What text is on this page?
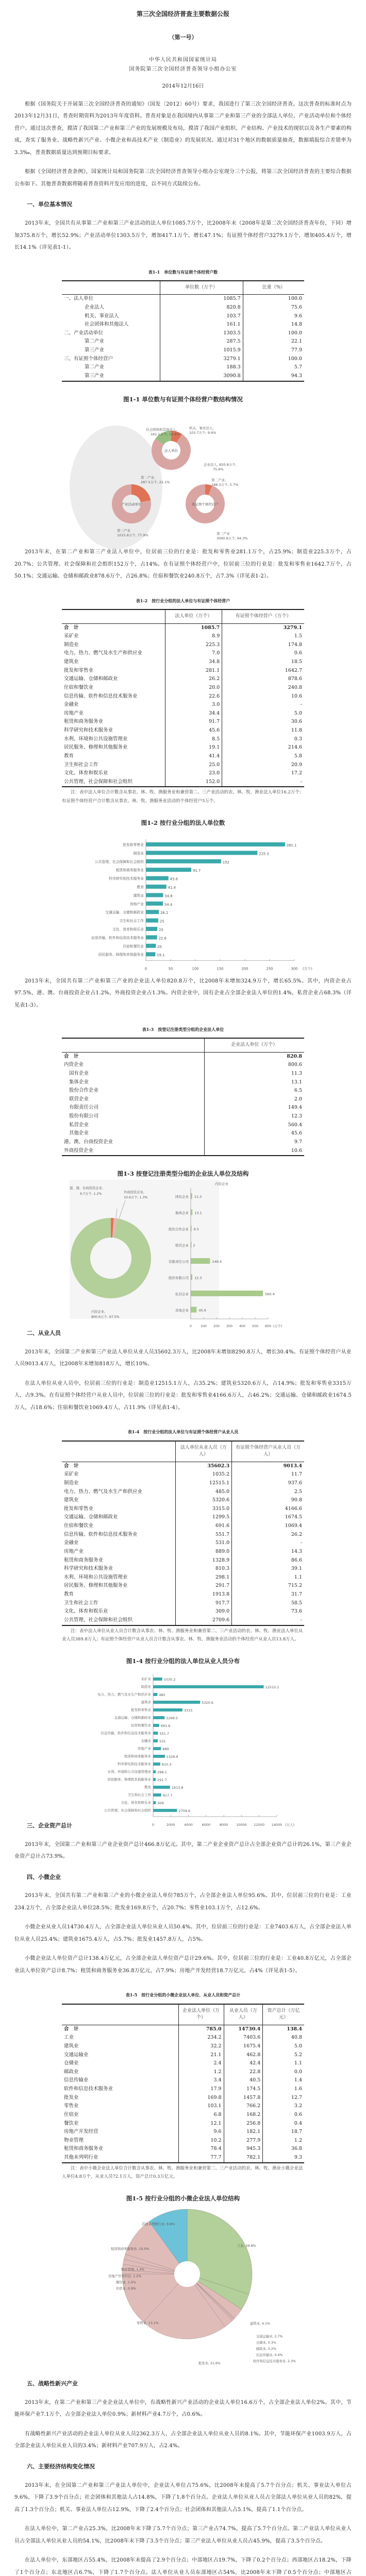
第三次全国经济普查主要数据公报
（第一号）
中华人民共和国国家统计局
国务院第三次全国经济普查领导小组办公室
2014年12月16日

根据《国务院关于开展第三次全国经济普查的通知》（国发〔2012〕60号）要求，我国进行了第三次全国经济普查。这次普查的标准时点为2013年12月31日，普查时期资料为2013年年度资料。普查对象是在我国境内从事第二产业和第三产业的全部法人单位、产业活动单位和个体经营户。通过这次普查，摸清了我国第二产业和第三产业的发展规模及布局，摸清了我国产业组织、产业结构、产业技术的现状以及各生产要素的构成，查实了服务业、战略性新兴产业、小微企业和高技术产业（制造业）的发展状况。通过对31个地区的数据质量抽查，数据填报综合差错率为3.3‰，普查数据质量达到预期目标要求。

根据《全国经济普查条例》，国家统计局和国务院第三次全国经济普查领导小组办公室现分三个公报，将第三次全国经济普查的主要综合数据公布如下。其他普查数据将随着普查资料开发应用的进度，以不同方式陆续公布。

一、单位基本情况

2013年末，全国共有从事第二产业和第三产业活动的法人单位1085.7万个，比2008年末（2008年是第二次全国经济普查年份，下同）增加375.8万个，增长52.9%；产业活动单位1303.5万个，增加417.1万个，增长47.1%；有证照个体经营户3279.1万个，增加405.4万个，增长14.1%（详见表1-1）。

表1-1　单位数与有证照个体经营户数
	单位数（万个）	比重（%）
一、法人单位	1085.7	100.0
企业法人	820.8	75.6
机关、事业法人	103.7	9.6
社会团体和其他法人	161.1	14.8
二、产业活动单位	1303.5	100.0
第二产业	287.5	22.1
第三产业	1015.9	77.9
三、有证照个体经营户	3279.1	100.0
第二产业	188.3	5.7
第三产业	3090.8	94.3
图1-1 单位数与有证照个体经营户数结构情况
法人单位
产业活动单位	有证照个体经营户
机关、事业法人,
103.7万个, 9.6%
企业法人, 820.8万个,
75.6%
社会团体和其他法人,
161.1万个, 14.8%
第二产业,
287.5万个, 22.1%
第三产业
1015.9万个, 77.9%
第二产业,
188.3万个, 5.7%
第三产业
3090.8万个, 94.3%

2013年末，在第二产业和第三产业法人单位中，位居前三位的行业是：批发和零售业281.1万个，占25.9%；制造业225.3万个，占20.7%；公共管理、社会保障和社会组织152万个，占14%。在有证照个体经营户中，位居前三位的行业是：批发和零售业1642.7万个，占50.1%；交通运输、仓储和邮政业878.6万个，占26.8%；住宿和餐饮业240.8万个，占7.3%（详见表1-2）。

表1-2　按行业分组的法人单位与有证照个体经营户
	法人单位（万个）	有证照个体经营户（万个）
合　计	1085.7	3279.1
采矿业	8.9	1.5
制造业	225.3	174.8
电力、热力、燃气及水生产和供应业	7.0	0.6
建筑业	34.8	18.5
批发和零售业	281.1	1642.7
交通运输、仓储和邮政业	26.2	878.6
住宿和餐饮业	20.0	240.8
信息传输、软件和信息技术服务业	22.6	10.6
金融业	3.0	-
房地产业	34.4	5.0
租赁和商务服务业	91.7	30.6
科学研究和技术服务业	45.6	11.8
水利、环境和公共设施管理业	8.5	0.3
居民服务、修理和其他服务业	19.1	214.6
教育	41.4	5.8
卫生和社会工作	25.0	20.9
文化、体育和娱乐业	23.0	17.2
公共管理、社会保障和社会组织	152.0	-
注：表中法人单位合计数含从事农、林、牧、渔服务业和兼营第二、三产业活动的农、林、牧、渔业法人单位16.2万个；有证照个体经营户合计数含从事农、林、牧、渔服务业活动的个体经营户5万个。
图1-2 按行业分组的法人单位数
批发和零售业	281.1
制造业	225.3
公共管理、社会保障和社会组织	152
租赁和商务服务业	91.7
科学研究和技术服务业	45.6
教育	41.4
建筑业	34.8
房地产业	34.4
交通运输、仓储和邮政业	26.2
卫生和社会工作	25
文化、体育和娱乐业	23
信息传输、软件和信息技术服务业	22.6
住宿和餐饮业	20
居民服务、修理和其他服务业	19.1
0	50	100	150	200	250	300 (万个)

2013年末，全国共有第二产业和第三产业的企业法人单位820.8万个，比2008年末增加324.9万个，增长65.5%。其中，内资企业占97.5%，港、澳、台商投资企业占1.2%，外商投资企业占1.3%。内资企业中，国有企业占全部企业法人单位的1.4%，私营企业占68.3%（详见表1-3）。

表1-3　按登记注册类型分组的企业法人单位
	企业法人单位（万个）
合　计	820.8
内资企业	800.6
国有企业	11.3
集体企业	13.1
股份合作企业	6.5
联营企业	2.0
有限责任公司	149.4
股份有限公司	12.3
私营企业	560.4
其他企业	45.6
港、澳、台商投资企业	9.7
外商投资企业	10.6
图1-3 按登记注册类型分组的企业法人单位及结构
港、澳、台商投资企业,
9.7万个, 1.2%	外商投资企业,
10.6万个, 1.3%
内资企业,
800.6万个, 97.5%
内资企业
国有企业 11.3
集体企业 13.1
股份合作企业 6.5
联营企业 2
有限责任公司	149.4
股份有限公司 12.3
私营企业	560.4
其他企业	45.6
0	100 200 300 400 500 600 (万个)
二、从业人员

2013年末，全国第二产业和第三产业法人单位从业人员35602.3万人，比2008年末增加8290.8万人，增长30.4%。有证照个体经营户从业人员9013.4万人，比2008年末增加818万人，增长10%。

在法人单位从业人员中，位居前三位的行业是：制造业12515.1万人，占35.2%；建筑业5320.6万人，占14.9%；批发和零售业3315万人，占9.3%。在有证照个体经营户从业人员中，位居前三位的行业是：批发和零售业4166.6万人，占46.2%；交通运输、仓储和邮政业1674.5万人，占18.6%；住宿和餐饮业1069.4万人，占11.9%（详见表1-4）。

表1-4　按行业分组的法人单位与有证照个体经营户从业人员
	法人单位从业人员（万人）	有证照个体经营户从业人员（万人）
合　计	35602.3	9013.4
采矿业	1035.2	11.7
制造业	12515.1	937.6
电力、热力、燃气及水生产和供应业	485.0	2.5
建筑业	5320.6	90.8
批发和零售业	3315.0	4166.6
交通运输、仓储和邮政业	1299.5	1674.5
住宿和餐饮业	691.6	1069.4
信息传输、软件和信息技术服务业	551.7	26.2
金融业	531.0	-
房地产业	889.0	14.3
租赁和商务服务业	1328.9	86.6
科学研究和技术服务业	810.3	39.1
水利、环境和公共设施管理业	298.1	1.1
居民服务、修理和其他服务业	291.7	715.2
教育	1913.8	31.7
卫生和社会工作	917.7	58.5
文化、体育和娱乐业	309.0	73.6
公共管理、社会保障和社会组织	2709.6	-
注：表中法人单位从业人员合计数含从事农、林、牧、渔服务业和兼营第二、三产业活动的农、林、牧、渔业法人单位从业人员389.8万人；有证照个体经营户从业人员合计数含从事农、林、牧、渔服务业活动的个体经营户从业人员13.8万人。
图1-4 按行业分组的法人单位从业人员分布
采矿业	1035.2
制造业	12515.1
电力、热力、燃气及水生产和供应业 485
建筑业	5320.6
批发和零售业	3315
交通运输、仓储和邮政业	1299.5
住宿和餐饮业	691.6
信息传输、软件和信息技术服务业	551.7
金融业 531
房地产业	889
租赁和商务服务业	1328.9
科学研究和技术服务业	810.3
水利、环境和公共设施管理业 298.1
居民服务、修理和其他服务业 291.7
教育	1913.8
卫生和社会工作	917.7
文化、体育和娱乐业 309
公共管理、社会保障和社会组织	2709.6
0	2000	4000	6000	8000 10000 12000 14000 (万人)
三、企业资产总计

2013年末，全国第二产业和第三产业企业资产总计466.8万亿元。其中，第二产业企业资产总计占全部企业资产总计的26.1%，第三产业企业资产总计占73.9%。

四、小微企业

2013年末，全国共有第二产业和第三产业的小微企业法人单位785万个，占全部企业法人单位95.6%。其中，位居前三位的行业是：工业234.2万个，占全部企业法人单位28.5%；批发业169.8万个，占20.7%；零售业103.1万个，占12.6%。

小微企业从业人员14730.4万人，占全部企业法人单位从业人员50.4%。其中，位居前三位的行业是：工业7403.6万人，占全部企业法人单位从业人员25.4%；建筑业1675.4万人，占5.7%；批发业1457.8万人，占5%。

小微企业法人单位资产总计138.4万亿元，占全部企业法人单位资产总计29.6%。其中，位居前三位的行业是：工业40.8万亿元，占全部企业法人单位资产总计8.7%；租赁和商务服务业36.8万亿元，占7.9%；房地产开发经营18.7万亿元，占4%（详见表1-5）。

表1-5　按行业分组的小微企业法人单位、从业人员和资产总计
	企业法人单位（万个）	从业人员（万人）	资产总计（万亿元）
合　计	785.0	14730.4	138.4
工业	234.2	7403.6	40.8
建筑业	32.2	1675.4	5.0
交通运输业	21.1	462.8	5.2
仓储业	2.4	42.4	1.1
邮政业	1.2	22.8	0.0
信息传输业	3.4	40.5	1.4
软件和信息技术服务业	17.9	174.5	1.6
批发业	169.8	1457.8	12.7
零售业	103.1	766.2	3.2
住宿业	6.8	168.2	0.6
餐饮业	12.1	256.8	0.4
房地产开发经营	9.6	182.1	18.7
物业管理	10.2	277.9	1.2
租赁和商务服务业	78.4	945.3	36.8
其他未列明行业	77.7	782.1	9.3
注：表中小微企业法人单位合计数含从事农、林、牧、渔服务业和兼营第二、三产业活动的农、林、牧、渔业小微企业法人单位4.8万个，从业人员72.1万人，资产总计0.3万亿元。
图1-5 按行业分组的小微企业法人单位结构
工业, 29.8%
建筑业, 4.1%
交通运输业, 2.7%
仓储业, 0.3%
邮政业, 0.2%
信息传输业, 0.4%
软件和信息技术服务业, 2.3%
批发业, 21.6%
零售业, 13.1%
住宿业, 0.9%
餐饮业, 1.5%
房地产开发经营, 1.2%
物业管理, 1.3%
租赁和商务服务业, 10.0%
其他未列明行业, 9.9%
五、战略性新兴产业

2013年末，在第二产业和第三产业企业法人单位中，有战略性新兴产业活动的企业法人单位16.6万个，占全部企业法人单位2%。其中，节能环保产业7.1万个，占全部企业法人单位0.9%；新材料产业4.7万个，占0.6%。

有战略性新兴产业活动的企业法人单位从业人员2362.3万人，占全部企业法人单位从业人员的8.1%。其中，节能环保产业1003.9万人，占全部企业法人单位从业人员的3.4%；新材料产业707.9万人，占2.4%。

六、主要经济结构变化情况

2013年末，在全国第二产业和第三产业法人单位中，企业法人单位占75.6%，比2008年末提高了5.7个百分点；机关、事业法人单位占9.6%，下降了3.9个百分点；社会团体和其他法人占14.8%，下降了1.8个百分点。企业法人单位从业人员占全部法人单位从业人员的82%，提高了1.3个百分点；机关、事业法人单位占12.9%，下降了2.4个百分点；社会团体和其他法人占5.1%，提高了1.1个百分点。

在法人单位中，第二产业占25.3%，比2008年末下降了5.7个百分点；第三产业占74.7%，提高了5.7个百分点。第二产业法人单位从业人员占全部法人单位从业人员的54.1%，比2008年末下降了3.5个百分点；第三产业法人单位从业人员占45.9%，提高了3.5个百分点。

在法人单位中，东部地区占55.4%，比2008年末提高了2.9个百分点；中部地区占19.7%，下降了0.2个百分点；西部地区占18.2%，下降了1个百分点；东北地区占6.7%，下降了1.7个百分点。法人单位从业人员东部地区占54%，比2008年末下降了0.5个百分点；中部地区占
